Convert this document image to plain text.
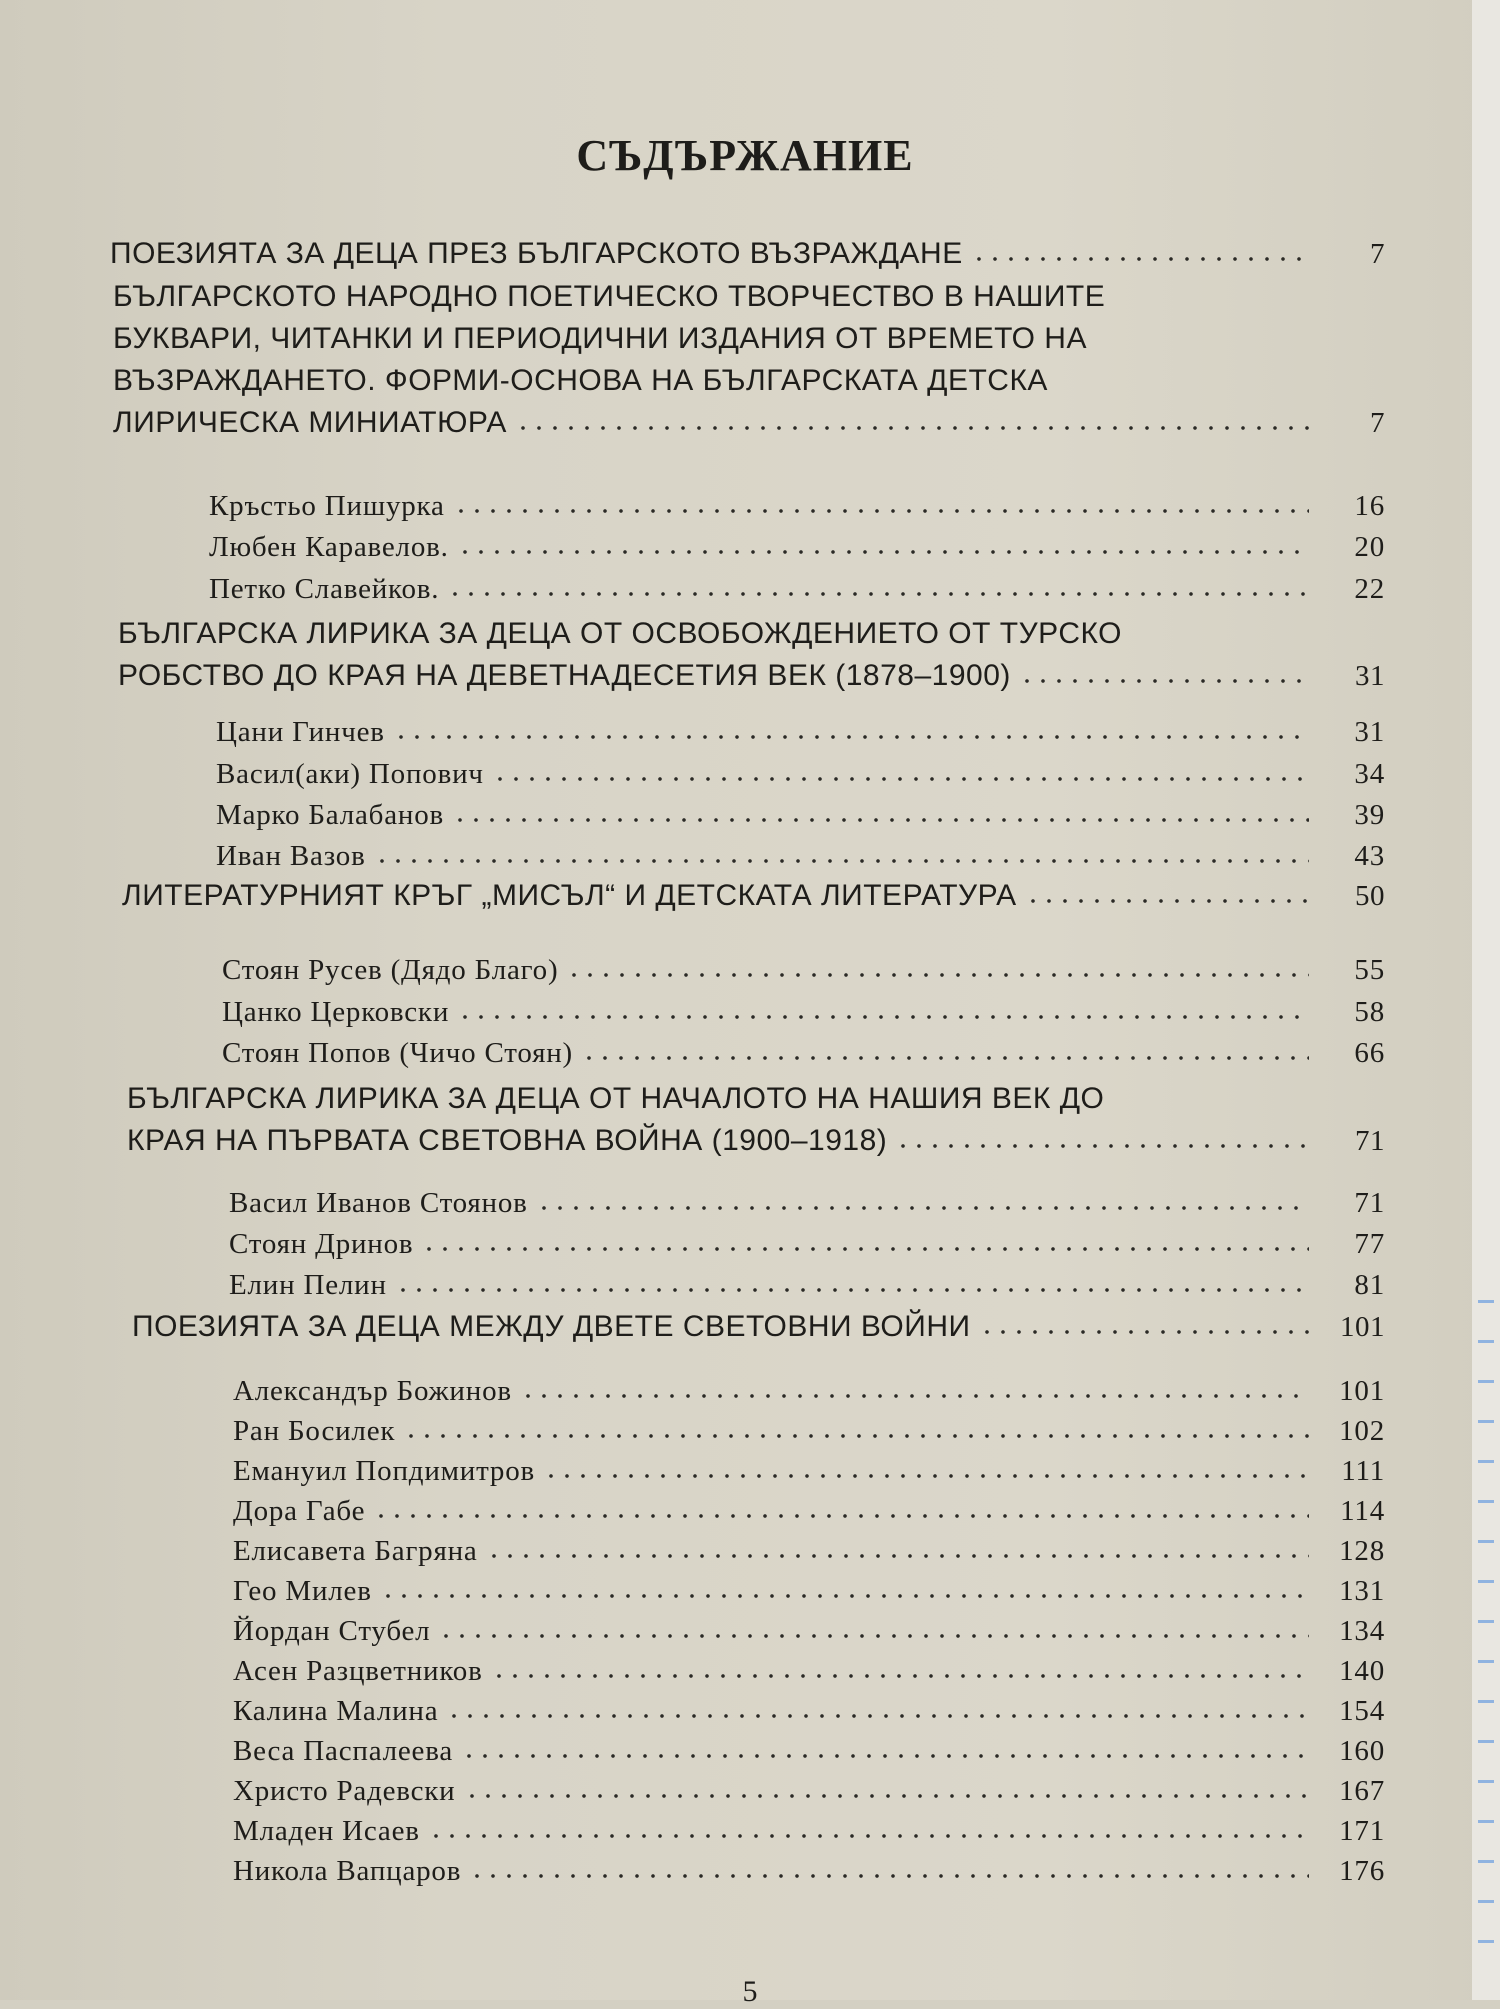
СЪДЪРЖАНИЕ
ПОЕЗИЯТА ЗА ДЕЦА ПРЕЗ БЪЛГАРСКОТО ВЪЗРАЖДАНЕ	7
БЪЛГАРСКОТО НАРОДНО ПОЕТИЧЕСКО ТВОРЧЕСТВО В НАШИТЕ
БУКВАРИ, ЧИТАНКИ И ПЕРИОДИЧНИ ИЗДАНИЯ ОТ ВРЕМЕТО НА
ВЪЗРАЖДАНЕТО. ФОРМИ-ОСНОВА НА БЪЛГАРСКАТА ДЕТСКА
ЛИРИЧЕСКА МИНИАТЮРА	7
Кръстьо Пишурка	16
Любен Каравелов.	20
Петко Славейков.	22
БЪЛГАРСКА ЛИРИКА ЗА ДЕЦА ОТ ОСВОБОЖДЕНИЕТО ОТ ТУРСКО
РОБСТВО ДО КРАЯ НА ДЕВЕТНАДЕСЕТИЯ ВЕК (1878–1900)	31
Цани Гинчев	31
Васил(аки) Попович	34
Марко Балабанов	39
Иван Вазов	43
ЛИТЕРАТУРНИЯТ КРЪГ „МИСЪЛ“ И ДЕТСКАТА ЛИТЕРАТУРА	50
Стоян Русев (Дядо Благо)	55
Цанко Церковски	58
Стоян Попов (Чичо Стоян)	66
БЪЛГАРСКА ЛИРИКА ЗА ДЕЦА ОТ НАЧАЛОТО НА НАШИЯ ВЕК ДО
КРАЯ НА ПЪРВАТА СВЕТОВНА ВОЙНА (1900–1918)	71
Васил Иванов Стоянов	71
Стоян Дринов	77
Елин Пелин	81
ПОЕЗИЯТА ЗА ДЕЦА МЕЖДУ ДВЕТЕ СВЕТОВНИ ВОЙНИ	101
Александър Божинов	101
Ран Босилек	102
Емануил Попдимитров	111
Дора Габе	114
Елисавета Багряна	128
Гео Милев	131
Йордан Стубел	134
Асен Разцветников	140
Калина Малина	154
Веса Паспалеева	160
Христо Радевски	167
Младен Исаев	171
Никола Вапцаров	176
5
